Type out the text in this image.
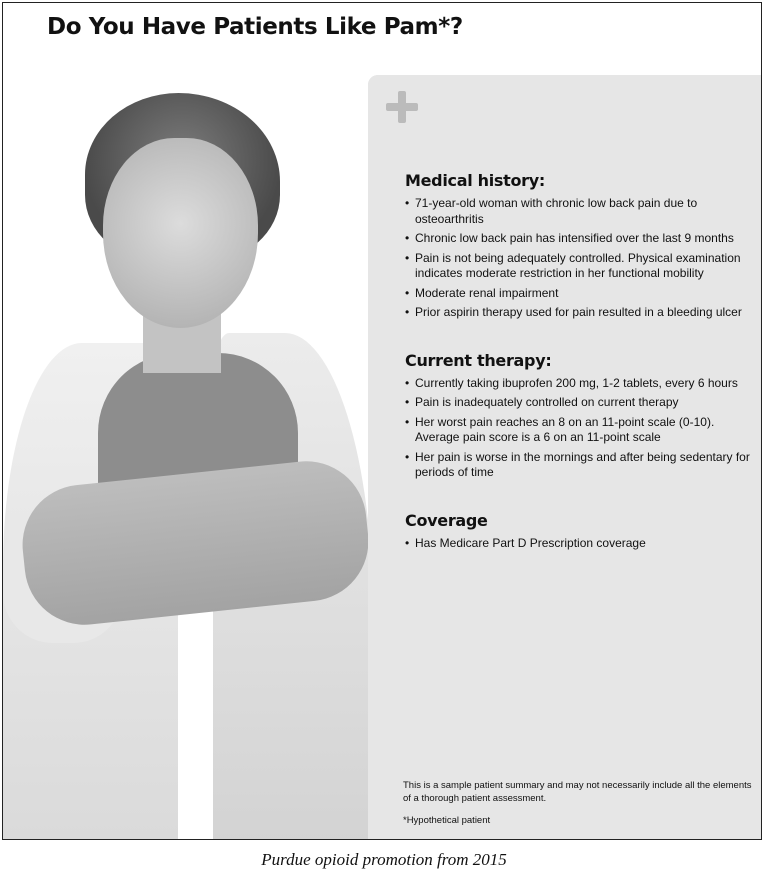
Do You Have Patients Like Pam*?
Medical history:
• 71-year-old woman with chronic low back pain due to osteoarthritis
• Chronic low back pain has intensified over the last 9 months
• Pain is not being adequately controlled. Physical examination indicates moderate restriction in her functional mobility
• Moderate renal impairment
• Prior aspirin therapy used for pain resulted in a bleeding ulcer
Current therapy:
• Currently taking ibuprofen 200 mg, 1-2 tablets, every 6 hours
• Pain is inadequately controlled on current therapy
• Her worst pain reaches an 8 on an 11-point scale (0-10). Average pain score is a 6 on an 11-point scale
• Her pain is worse in the mornings and after being sedentary for periods of time
Coverage
• Has Medicare Part D Prescription coverage
This is a sample patient summary and may not necessarily include all the elements of a thorough patient assessment.
*Hypothetical patient
Purdue opioid promotion from 2015
